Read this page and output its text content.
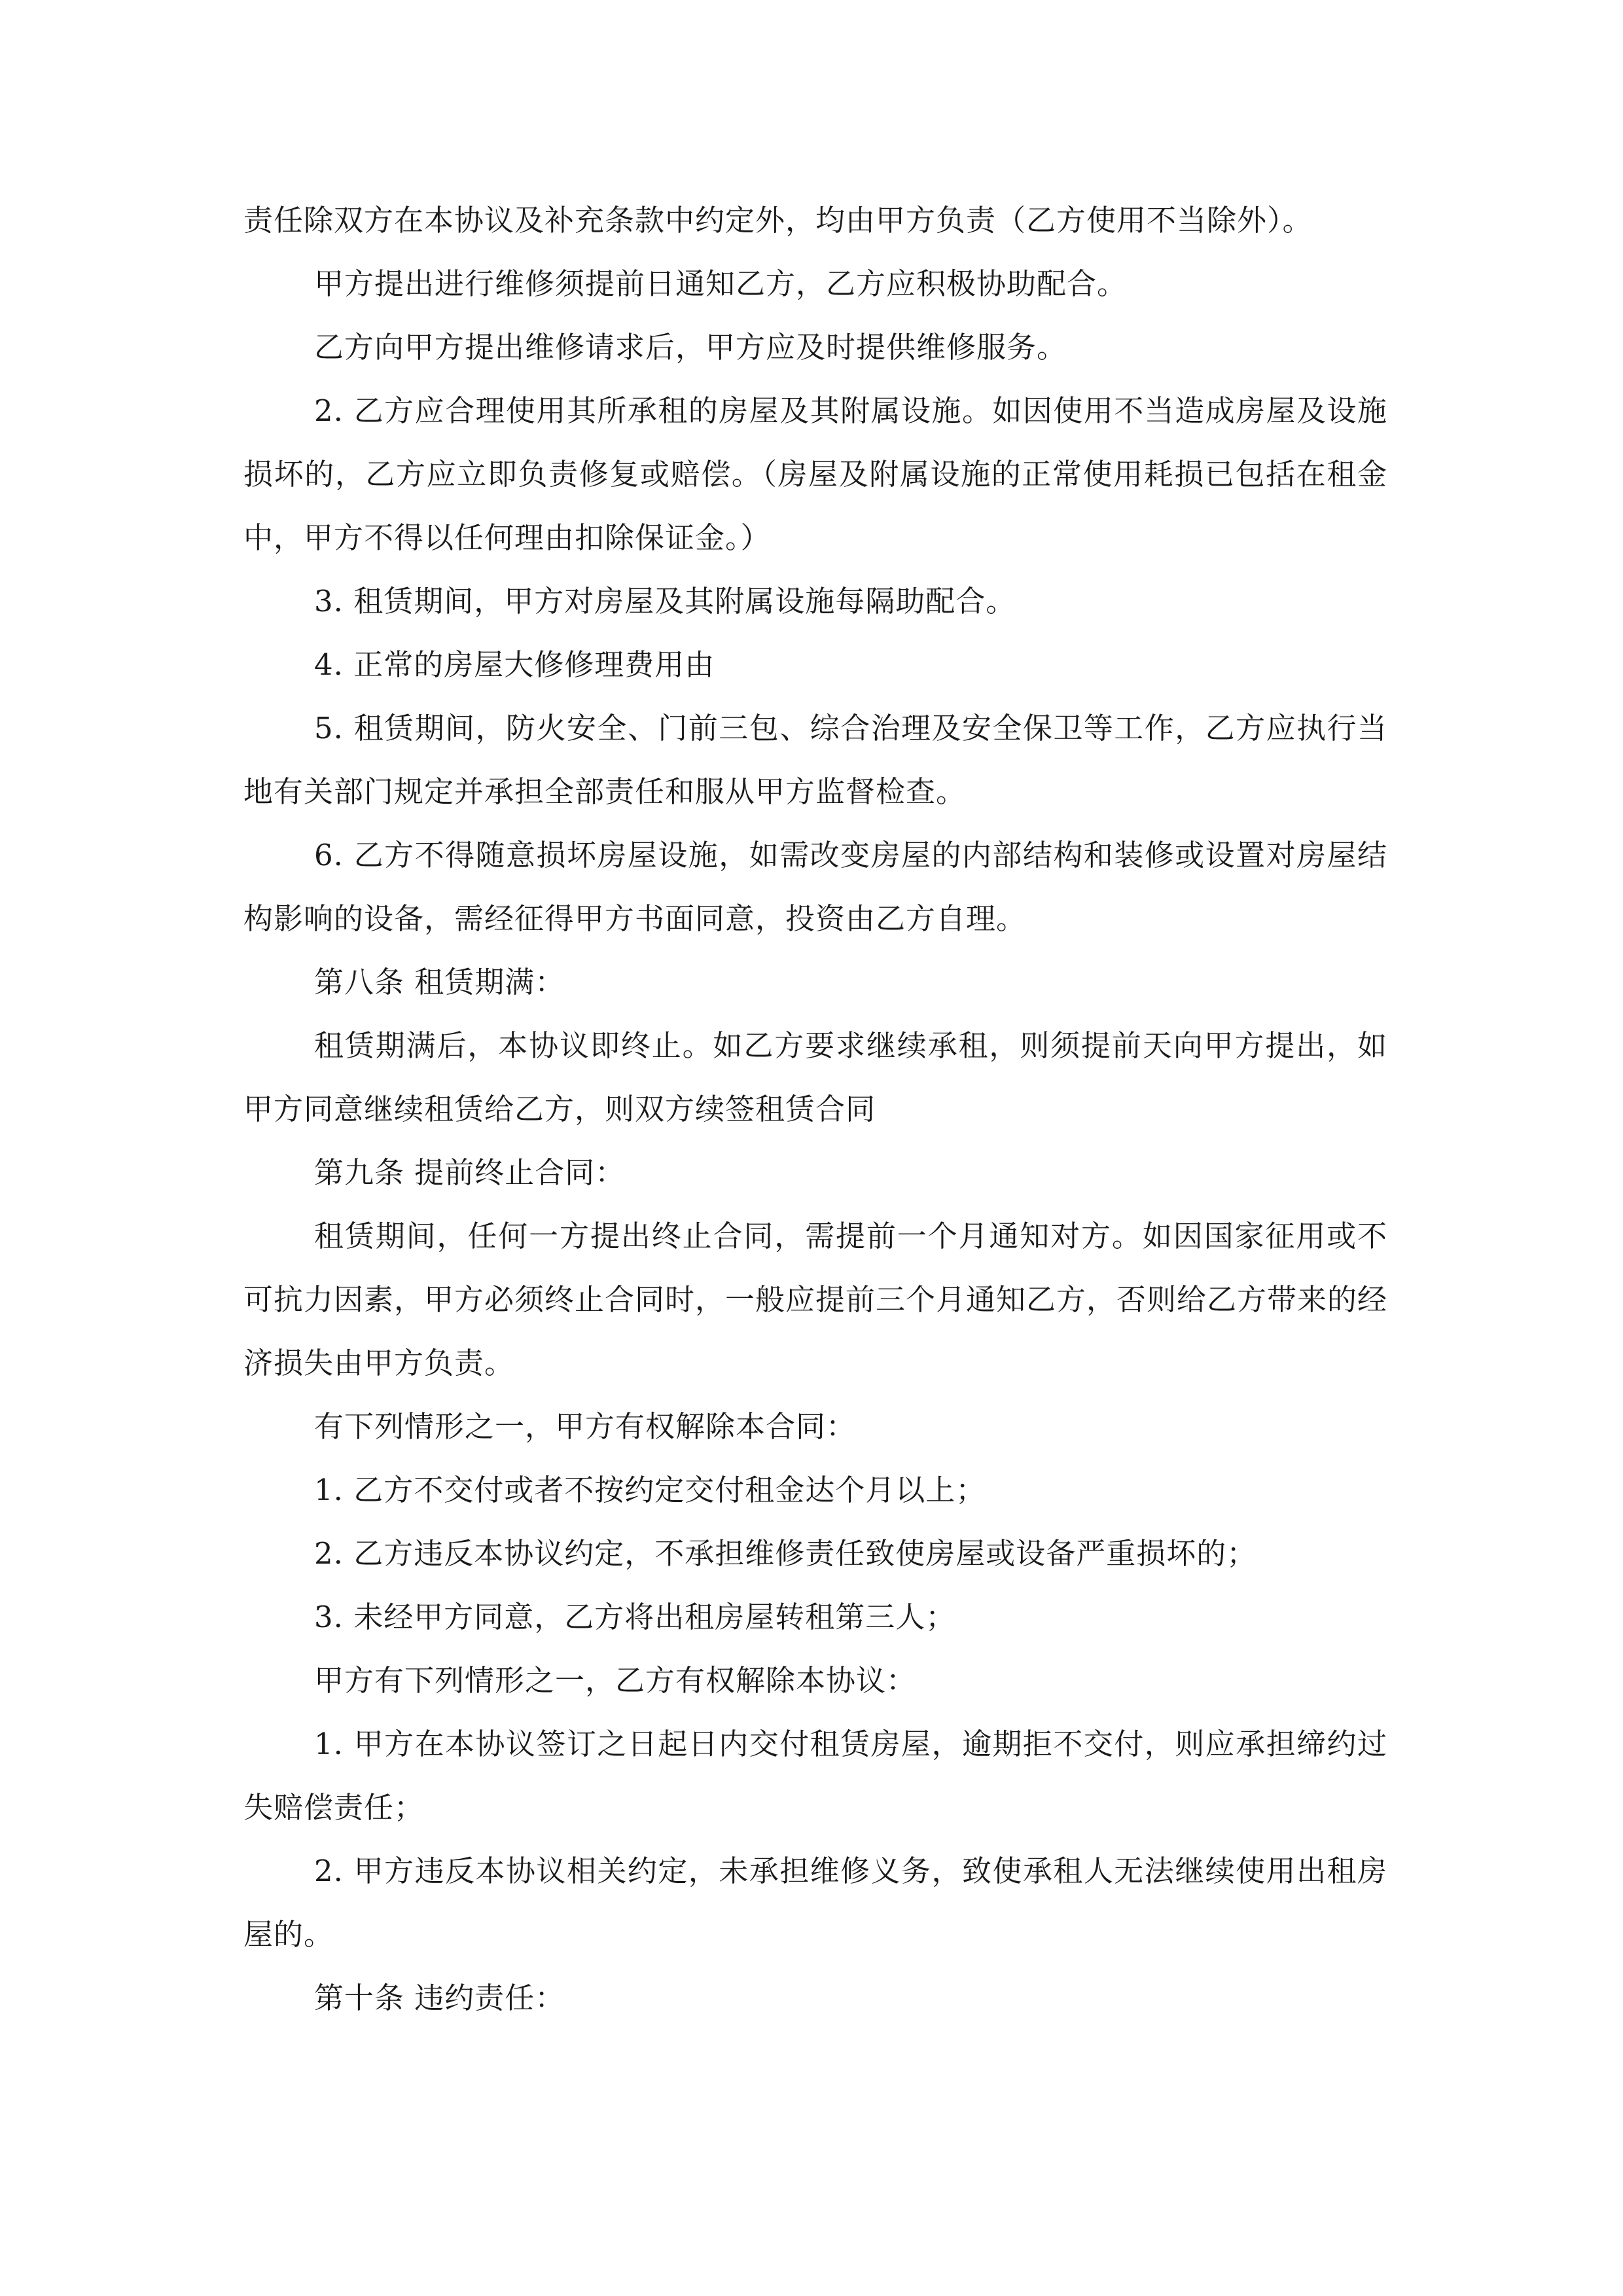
责任除双方在本协议及补充条款中约定外，均由甲方负责（乙方使用不当除外）。

甲方提出进行维修须提前日通知乙方，乙方应积极协助配合。

乙方向甲方提出维修请求后，甲方应及时提供维修服务。

2. 乙方应合理使用其所承租的房屋及其附属设施。如因使用不当造成房屋及设施损坏的，乙方应立即负责修复或赔偿。（房屋及附属设施的正常使用耗损已包括在租金中，甲方不得以任何理由扣除保证金。）

3. 租赁期间，甲方对房屋及其附属设施每隔助配合。

4. 正常的房屋大修修理费用由

5. 租赁期间，防火安全、门前三包、综合治理及安全保卫等工作，乙方应执行当地有关部门规定并承担全部责任和服从甲方监督检查。

6. 乙方不得随意损坏房屋设施，如需改变房屋的内部结构和装修或设置对房屋结构影响的设备，需经征得甲方书面同意，投资由乙方自理。

第八条 租赁期满：

租赁期满后，本协议即终止。如乙方要求继续承租，则须提前天向甲方提出，如甲方同意继续租赁给乙方，则双方续签租赁合同

第九条 提前终止合同：

租赁期间，任何一方提出终止合同，需提前一个月通知对方。如因国家征用或不可抗力因素，甲方必须终止合同时，一般应提前三个月通知乙方，否则给乙方带来的经济损失由甲方负责。

有下列情形之一，甲方有权解除本合同：

1. 乙方不交付或者不按约定交付租金达个月以上；

2. 乙方违反本协议约定，不承担维修责任致使房屋或设备严重损坏的；

3. 未经甲方同意，乙方将出租房屋转租第三人；

甲方有下列情形之一，乙方有权解除本协议：

1. 甲方在本协议签订之日起日内交付租赁房屋，逾期拒不交付，则应承担缔约过失赔偿责任；

2. 甲方违反本协议相关约定，未承担维修义务，致使承租人无法继续使用出租房屋的。

第十条 违约责任：
